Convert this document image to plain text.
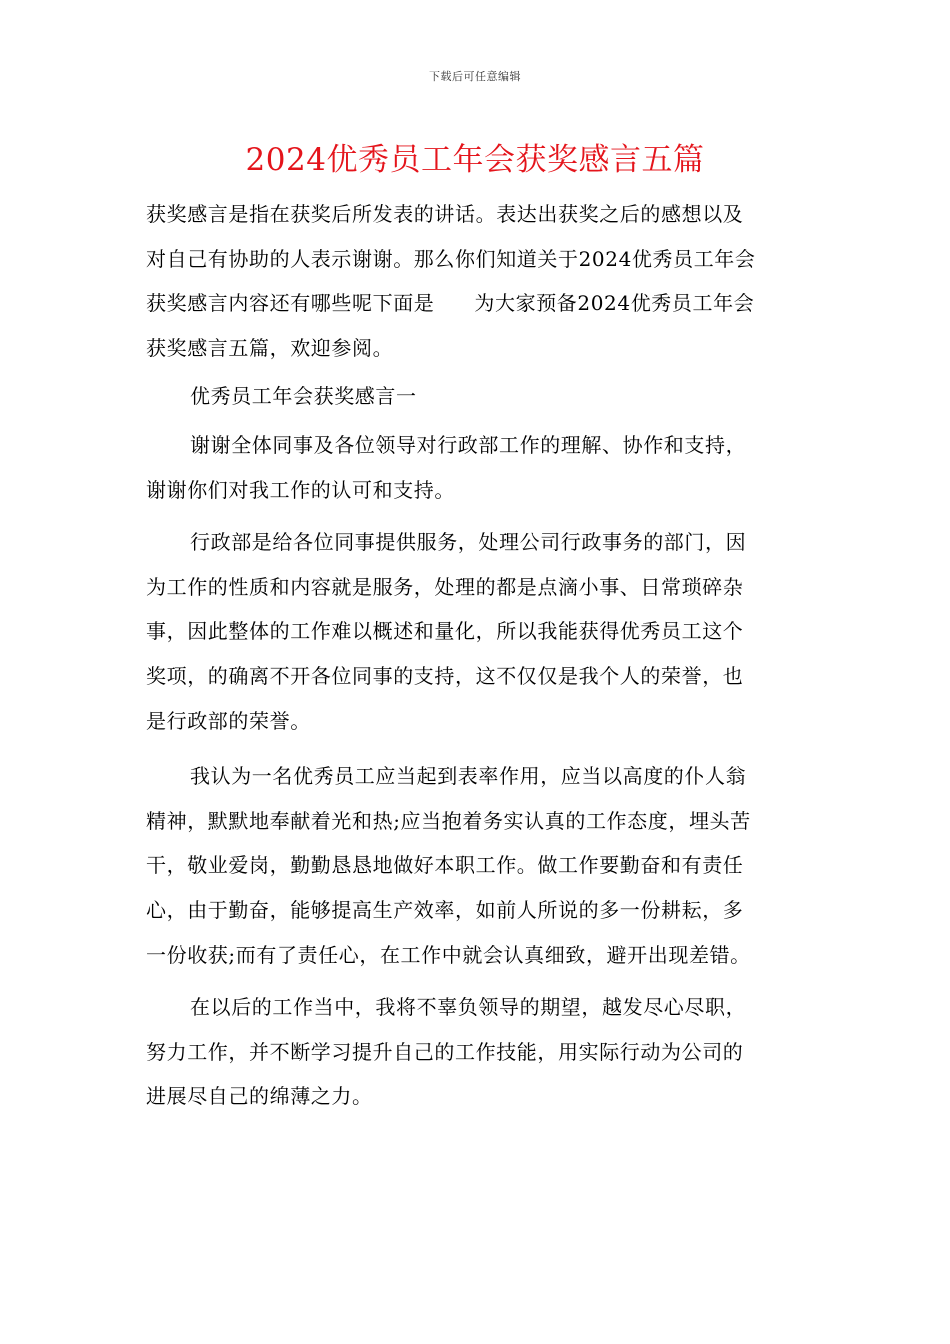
下载后可任意编辑
2024优秀员工年会获奖感言五篇
获奖感言是指在获奖后所发表的讲话。表达出获奖之后的感想以及
对自己有协助的人表示谢谢。那么你们知道关于2024优秀员工年会
获奖感言内容还有哪些呢下面是 为大家预备2024优秀员工年会
获奖感言五篇，欢迎参阅。
优秀员工年会获奖感言一
谢谢全体同事及各位领导对行政部工作的理解、协作和支持，
谢谢你们对我工作的认可和支持。
行政部是给各位同事提供服务，处理公司行政事务的部门，因
为工作的性质和内容就是服务，处理的都是点滴小事、日常琐碎杂
事，因此整体的工作难以概述和量化，所以我能获得优秀员工这个
奖项，的确离不开各位同事的支持，这不仅仅是我个人的荣誉，也
是行政部的荣誉。
我认为一名优秀员工应当起到表率作用，应当以高度的仆人翁
精神，默默地奉献着光和热;应当抱着务实认真的工作态度，埋头苦
干，敬业爱岗，勤勤恳恳地做好本职工作。做工作要勤奋和有责任
心，由于勤奋，能够提高生产效率，如前人所说的多一份耕耘，多
一份收获;而有了责任心，在工作中就会认真细致，避开出现差错。
在以后的工作当中，我将不辜负领导的期望，越发尽心尽职，
努力工作，并不断学习提升自己的工作技能，用实际行动为公司的
进展尽自己的绵薄之力。
